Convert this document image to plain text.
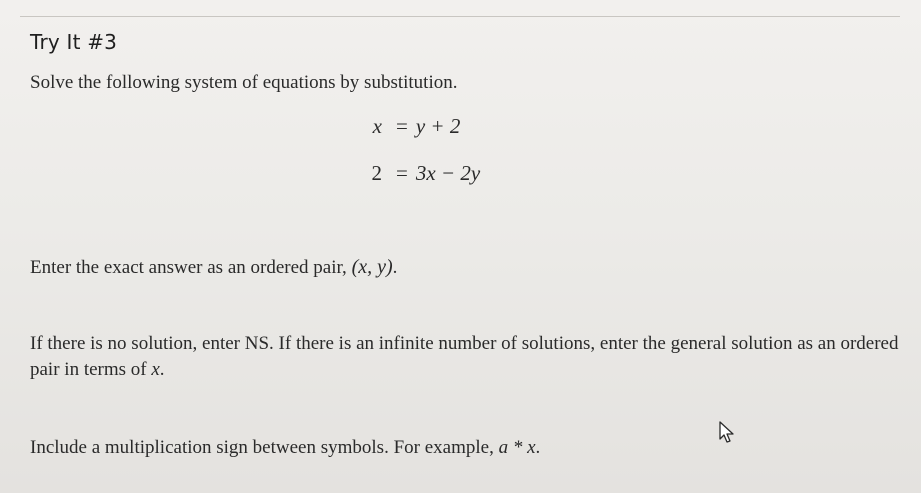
Try It #3
Solve the following system of equations by substitution.
x = y + 2
2 = 3x − 2y
Enter the exact answer as an ordered pair, (x, y).
If there is no solution, enter NS. If there is an infinite number of solutions, enter the general solution as an ordered pair in terms of x.
Include a multiplication sign between symbols. For example, a * x.
